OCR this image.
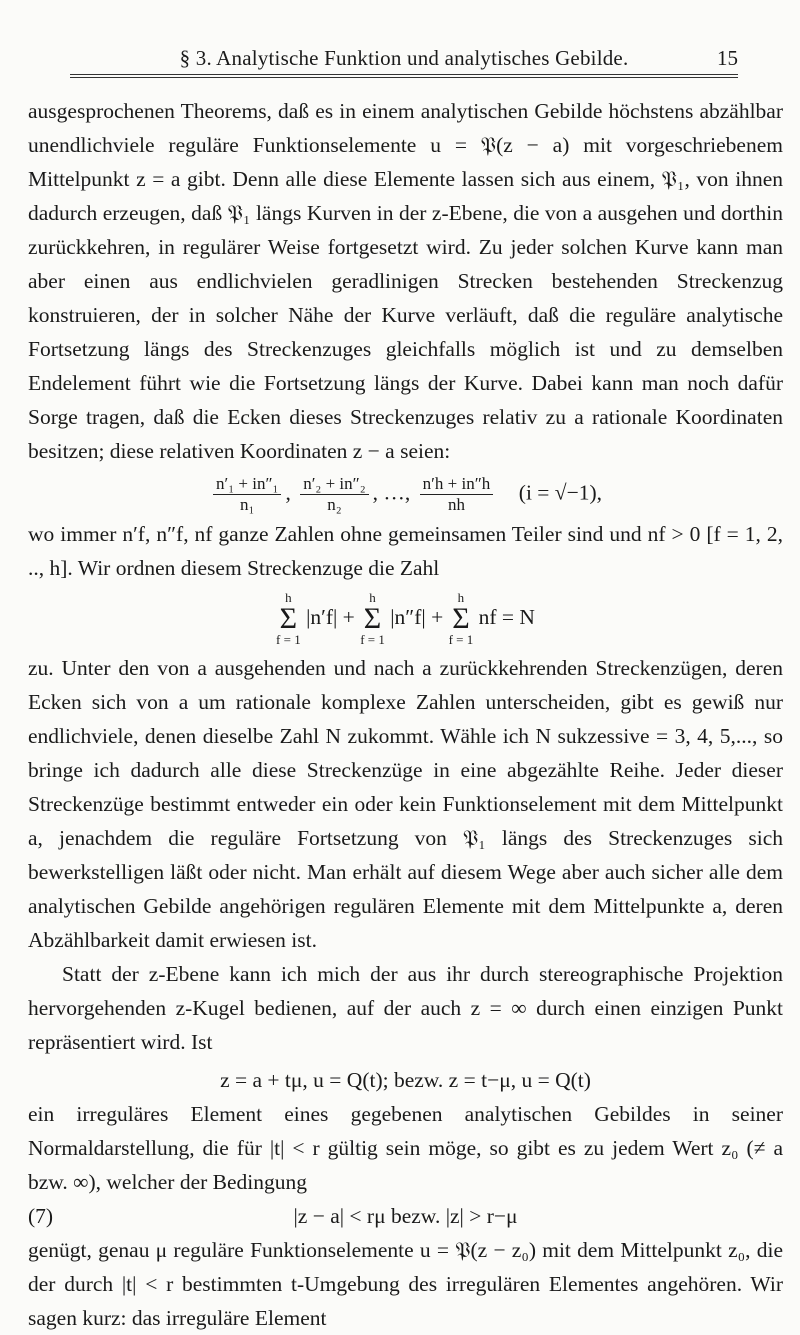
§ 3. Analytische Funktion und analytisches Gebilde.	15

ausgesprochenen Theorems, daß es in einem analytischen Gebilde höchstens abzählbar unendlichviele reguläre Funktionselemente u = 𝔓(z − a) mit vorgeschriebenem Mittelpunkt z = a gibt. Denn alle diese Elemente lassen sich aus einem, 𝔓₁, von ihnen dadurch erzeugen, daß 𝔓₁ längs Kurven in der z-Ebene, die von a ausgehen und dorthin zurückkehren, in regulärer Weise fortgesetzt wird. Zu jeder solchen Kurve kann man aber einen aus endlichvielen geradlinigen Strecken bestehenden Streckenzug konstruieren, der in solcher Nähe der Kurve verläuft, daß die reguläre analytische Fortsetzung längs des Streckenzuges gleichfalls möglich ist und zu demselben Endelement führt wie die Fortsetzung längs der Kurve. Dabei kann man noch dafür Sorge tragen, daß die Ecken dieses Streckenzuges relativ zu a rationale Koordinaten besitzen; diese relativen Koordinaten z − a seien:

$\frac{\text{n′₁ + in″₁}}{\text{n₁}}$ , $\frac{\text{n′₂ + in″₂}}{\text{n₂}}$ , …, $\frac{n'h + in''h}{nh} (i = √-1)$,

wo immer n′f, n″f, nf ganze Zahlen ohne gemeinsamen Teiler sind und nf > 0 [f = 1, 2, .., h]. Wir ordnen diesem Streckenzuge die Zahl

h
Σ
f = 1 |n′f| + h
Σ
f = 1 |n″f| + h
Σ
f = 1 nf = N

zu. Unter den von a ausgehenden und nach a zurückkehrenden Streckenzügen, deren Ecken sich von a um rationale komplexe Zahlen unterscheiden, gibt es gewiß nur endlichviele, denen dieselbe Zahl N zukommt. Wähle ich N sukzessive = 3, 4, 5,..., so bringe ich dadurch alle diese Streckenzüge in eine abgezählte Reihe. Jeder dieser Streckenzüge bestimmt entweder ein oder kein Funktionselement mit dem Mittelpunkt a, jenachdem die reguläre Fortsetzung von 𝔓₁ längs des Streckenzuges sich bewerkstelligen läßt oder nicht. Man erhält auf diesem Wege aber auch sicher alle dem analytischen Gebilde angehörigen regulären Elemente mit dem Mittelpunkte a, deren Abzählbarkeit damit erwiesen ist.

Statt der z-Ebene kann ich mich der aus ihr durch stereographische Projektion hervorgehenden z-Kugel bedienen, auf der auch z = ∞ durch einen einzigen Punkt repräsentiert wird. Ist

z = a + tμ, u = Q(t); bezw. z = t−μ, u = Q(t)

ein irreguläres Element eines gegebenen analytischen Gebildes in seiner Normaldarstellung, die für |t| < r gültig sein möge, so gibt es zu jedem Wert z₀ (≠ a bzw. ∞), welcher der Bedingung

(7)	|z − a| < rμ bezw. |z| > r−μ

genügt, genau μ reguläre Funktionselemente u = 𝔓(z − z₀) mit dem Mittelpunkt z₀, die der durch |t| < r bestimmten t-Umgebung des irregulären Elementes angehören. Wir sagen kurz: das irreguläre Element
